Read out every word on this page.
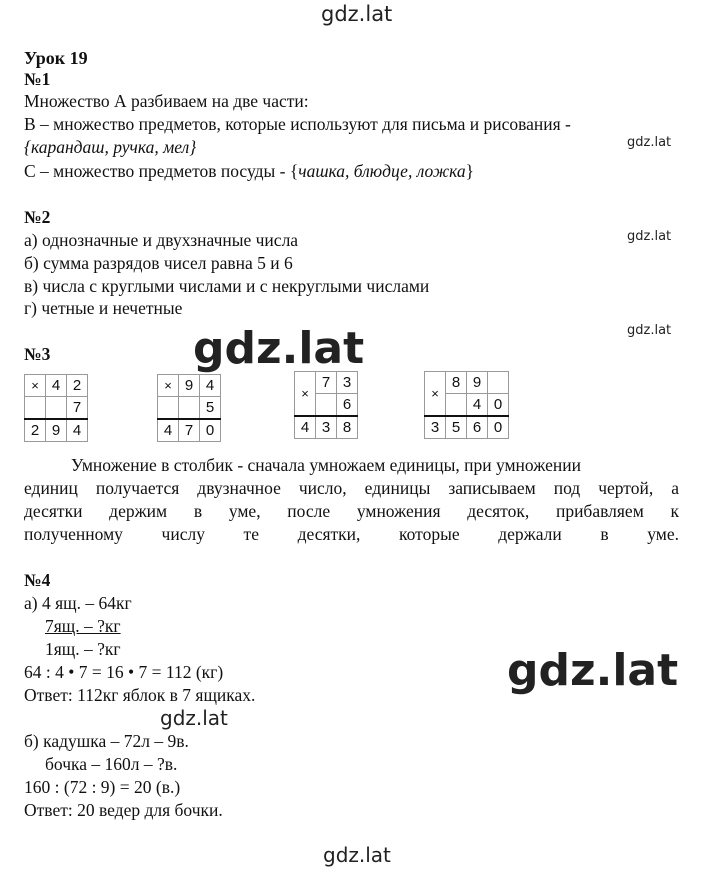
gdz.lat
gdz.lat
gdz.lat
gdz.lat
gdz.lat
gdz.lat
gdz.lat
gdz.lat
Урок 19
№1
Множество А разбиваем на две части:
В – множество предметов, которые используют для письма и рисования -
{карандаш, ручка, мел}
С – множество предметов посуды - {чашка, блюдце, ложка}
№2
а) однозначные и двухзначные числа
б) сумма разрядов чисел равна 5 и 6
в) числа с круглыми числами и с некруглыми числами
г) четные и нечетные
№3
×	4	2
		7
2	9	4
×	9	4
		5
4	7	0
×	7	3
		6
4	3	8
×	8	9	
		4	0
3	5	6	0
Умножение в столбик - сначала умножаем единицы, при умножении
единиц получается двузначное число, единицы записываем под чертой, а
десятки держим в уме, после умножения десяток, прибавляем к
полученному числу те десятки, которые держали в уме.
№4
а) 4 ящ. – 64кг
7ящ. – ?кг
1ящ. – ?кг
64 : 4 • 7 = 16 • 7 = 112 (кг)
Ответ: 112кг яблок в 7 ящиках.
б) кадушка – 72л – 9в.
бочка – 160л – ?в.
160 : (72 : 9) = 20 (в.)
Ответ: 20 ведер для бочки.
